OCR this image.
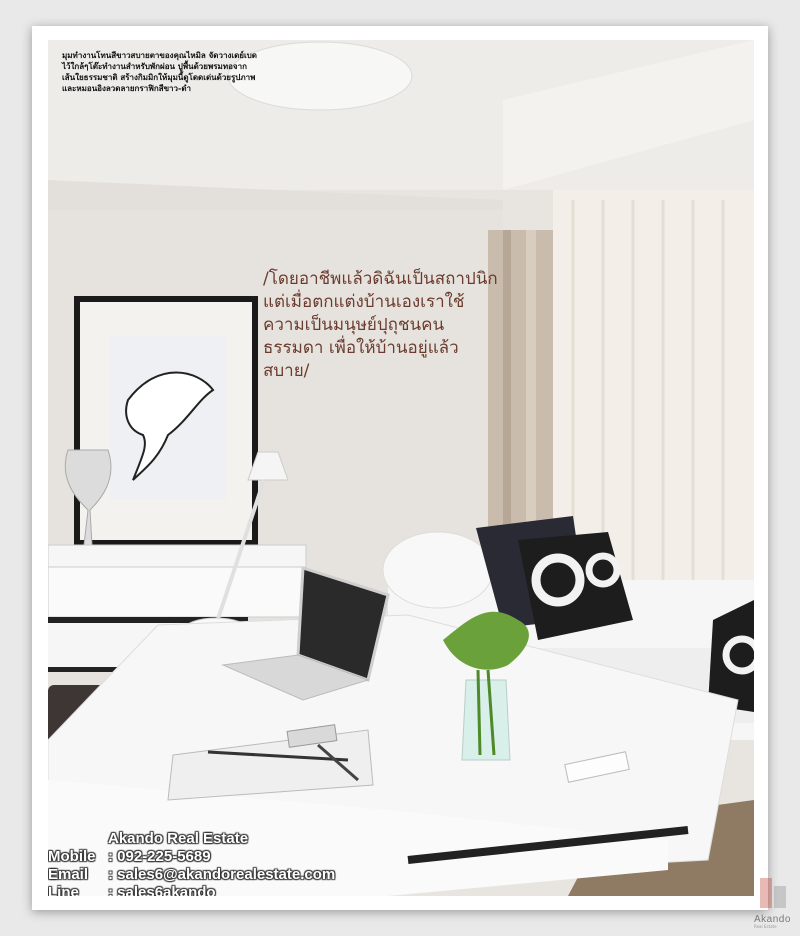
มุมทำงานโทนสีขาวสบายตาของคุณไหมิล จัดวางเดย์เบดไว้ใกล้ๆโต๊ะทำงานสำหรับพักผ่อน ปูพื้นด้วยพรมทอจากเส้นใยธรรมชาติ สร้างกิมมิกให้มุมนี้ดูโดดเด่นด้วยรูปภาพ และหมอนอิงลวดลายกราฟิกสีขาว-ดำ
/โดยอาชีพแล้วดิฉันเป็นสถาปนิก แต่เมื่อตกแต่งบ้านเองเราใช้ความเป็นมนุษย์ปุถุชนคนธรรมดา เพื่อให้บ้านอยู่แล้วสบาย/
Akando Real Estate
Mobile : 092-225-5689
Email	: sales6@akandorealestate.com
Line	: sales6akando
Akando
Real Estate
